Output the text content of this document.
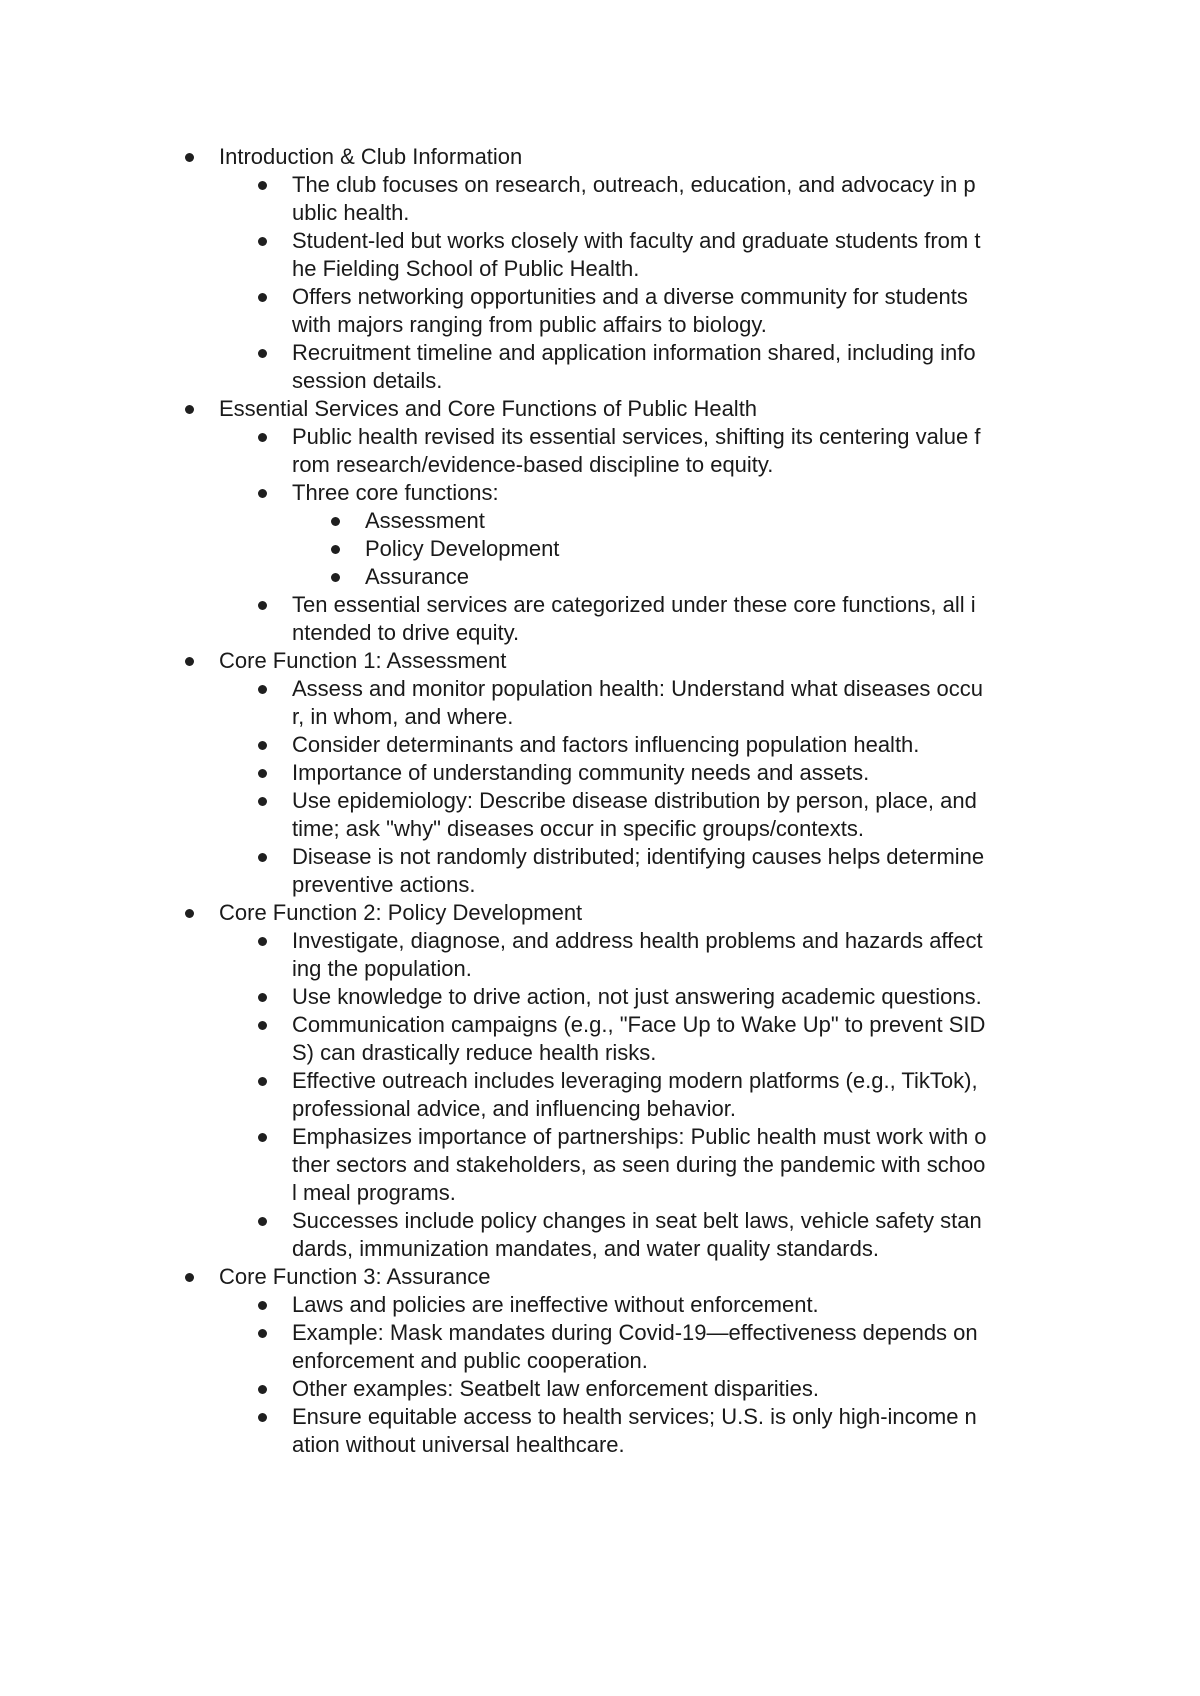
Introduction & Club Information
The club focuses on research, outreach, education, and advocacy in p
ublic health.
Student-led but works closely with faculty and graduate students from t
he Fielding School of Public Health.
Offers networking opportunities and a diverse community for students
with majors ranging from public affairs to biology.
Recruitment timeline and application information shared, including info
session details.
Essential Services and Core Functions of Public Health
Public health revised its essential services, shifting its centering value f
rom research/evidence-based discipline to equity.
Three core functions:
Assessment
Policy Development
Assurance
Ten essential services are categorized under these core functions, all i
ntended to drive equity.
Core Function 1: Assessment
Assess and monitor population health: Understand what diseases occu
r, in whom, and where.
Consider determinants and factors influencing population health.
Importance of understanding community needs and assets.
Use epidemiology: Describe disease distribution by person, place, and
time; ask "why" diseases occur in specific groups/contexts.
Disease is not randomly distributed; identifying causes helps determine
preventive actions.
Core Function 2: Policy Development
Investigate, diagnose, and address health problems and hazards affect
ing the population.
Use knowledge to drive action, not just answering academic questions.
Communication campaigns (e.g., "Face Up to Wake Up" to prevent SID
S) can drastically reduce health risks.
Effective outreach includes leveraging modern platforms (e.g., TikTok),
professional advice, and influencing behavior.
Emphasizes importance of partnerships: Public health must work with o
ther sectors and stakeholders, as seen during the pandemic with schoo
l meal programs.
Successes include policy changes in seat belt laws, vehicle safety stan
dards, immunization mandates, and water quality standards.
Core Function 3: Assurance
Laws and policies are ineffective without enforcement.
Example: Mask mandates during Covid-19—effectiveness depends on
enforcement and public cooperation.
Other examples: Seatbelt law enforcement disparities.
Ensure equitable access to health services; U.S. is only high-income n
ation without universal healthcare.
